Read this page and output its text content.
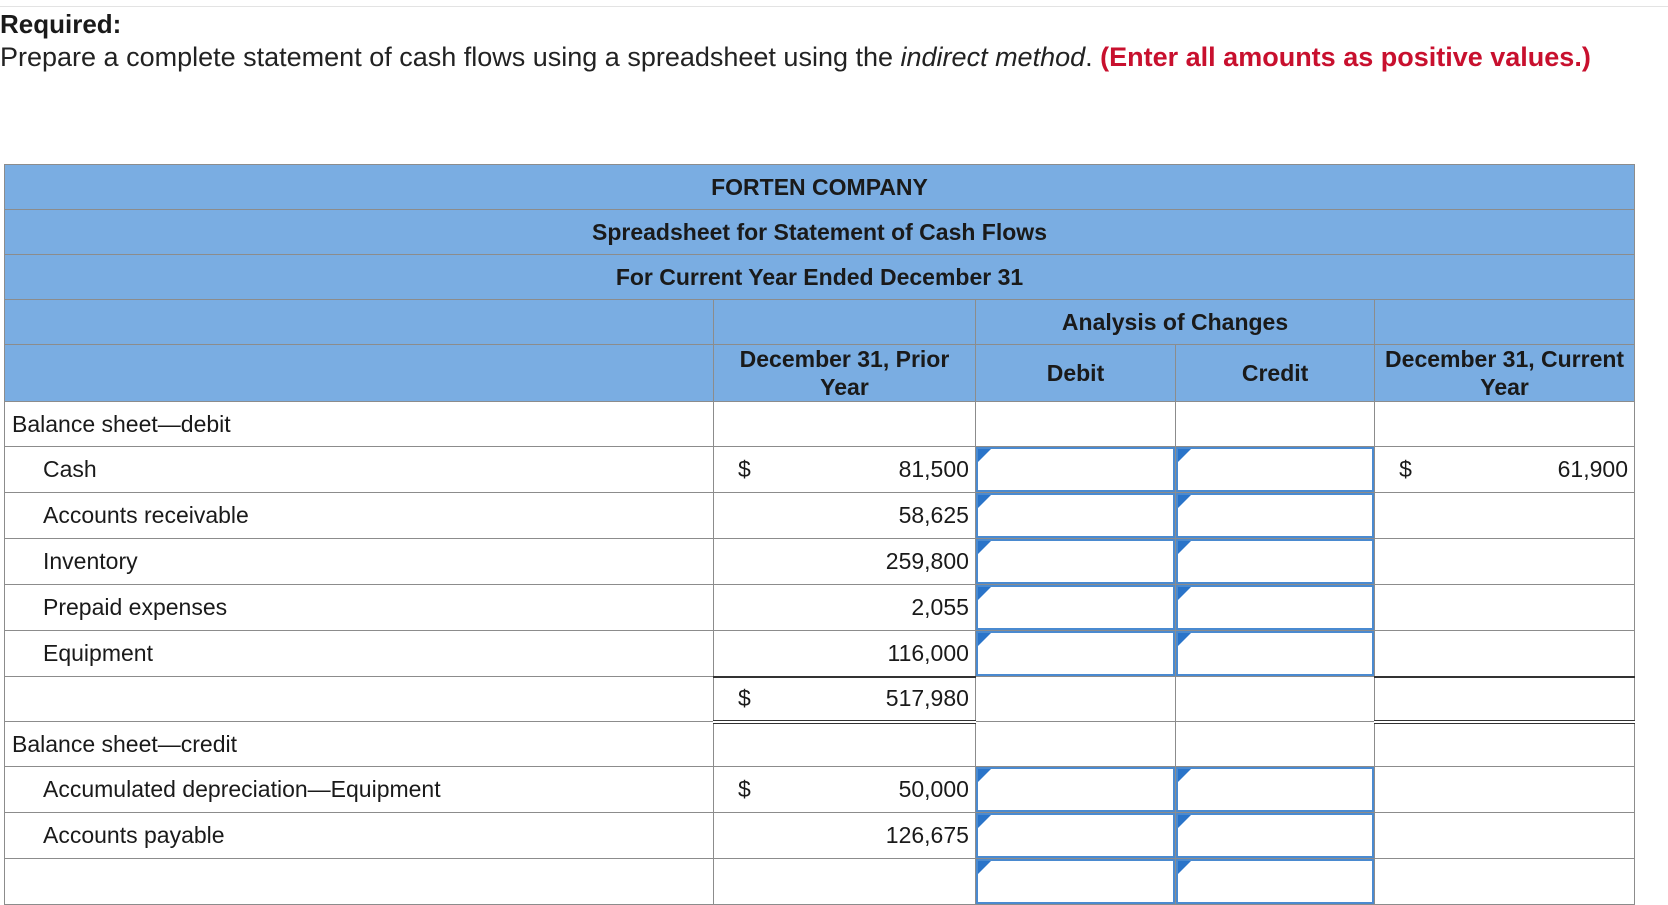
Required:
Prepare a complete statement of cash flows using a spreadsheet using the indirect method. (Enter all amounts as positive values.)
FORTEN COMPANY				
Spreadsheet for Statement of Cash Flows				
For Current Year Ended December 31				
		Analysis of Changes		
	December 31, Prior Year	Debit	Credit	December 31, Current Year
Balance sheet—debit				
Cash	$ 81,500			$ 61,900

Accounts receivable	58,625

Inventory	259,800

Prepaid expenses	2,055

Equipment	116,000

	$ 517,980			

Balance sheet—credit				
Accumulated depreciation—Equipment	$ 50,000

Accounts payable	126,675
